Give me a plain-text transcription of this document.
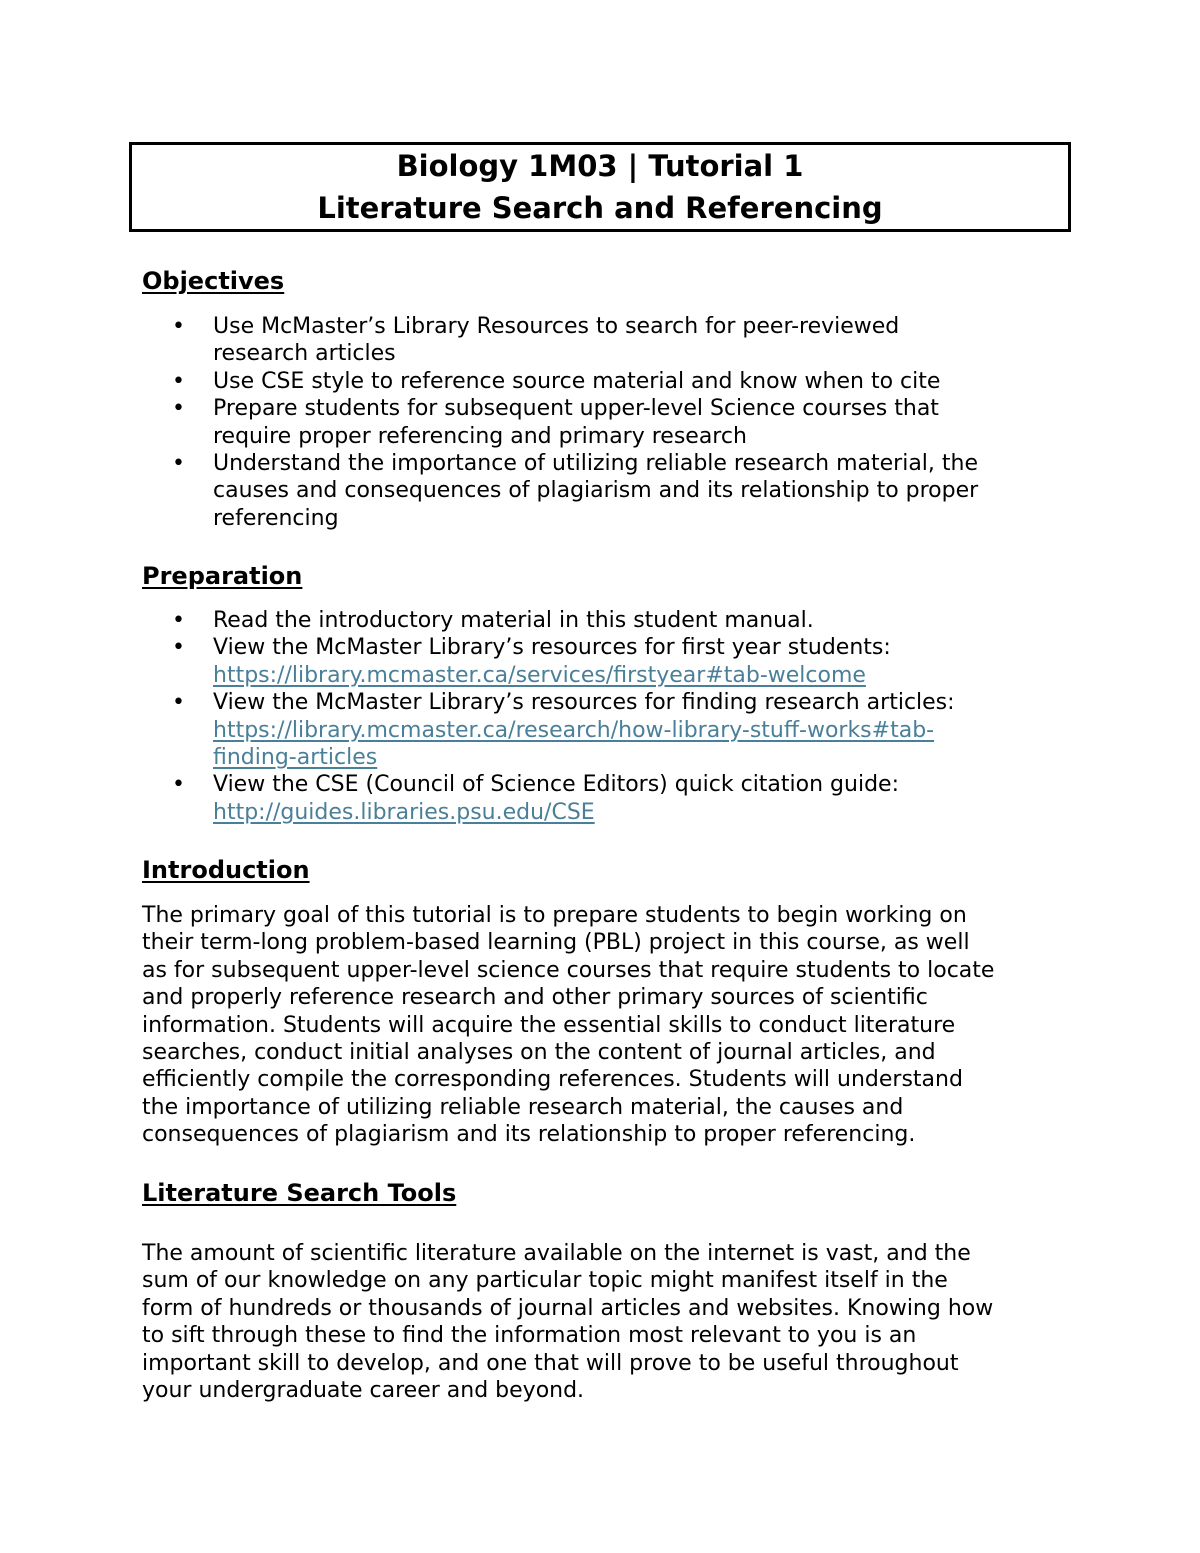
Biology 1M03 | Tutorial 1
Literature Search and Referencing
Objectives
• Use McMaster’s Library Resources to search for peer-reviewed
research articles
• Use CSE style to reference source material and know when to cite
• Prepare students for subsequent upper-level Science courses that
require proper referencing and primary research
• Understand the importance of utilizing reliable research material, the
causes and consequences of plagiarism and its relationship to proper
referencing
Preparation
• Read the introductory material in this student manual.
• View the McMaster Library’s resources for first year students:
https://library.mcmaster.ca/services/firstyear#tab-welcome
• View the McMaster Library’s resources for finding research articles:
https://library.mcmaster.ca/research/how-library-stuff-works#tab-
finding-articles
• View the CSE (Council of Science Editors) quick citation guide:
http://guides.libraries.psu.edu/CSE
Introduction

The primary goal of this tutorial is to prepare students to begin working on
their term-long problem-based learning (PBL) project in this course, as well
as for subsequent upper-level science courses that require students to locate
and properly reference research and other primary sources of scientific
information. Students will acquire the essential skills to conduct literature
searches, conduct initial analyses on the content of journal articles, and
efficiently compile the corresponding references. Students will understand
the importance of utilizing reliable research material, the causes and
consequences of plagiarism and its relationship to proper referencing.

Literature Search Tools

The amount of scientific literature available on the internet is vast, and the
sum of our knowledge on any particular topic might manifest itself in the
form of hundreds or thousands of journal articles and websites. Knowing how
to sift through these to find the information most relevant to you is an
important skill to develop, and one that will prove to be useful throughout
your undergraduate career and beyond.
